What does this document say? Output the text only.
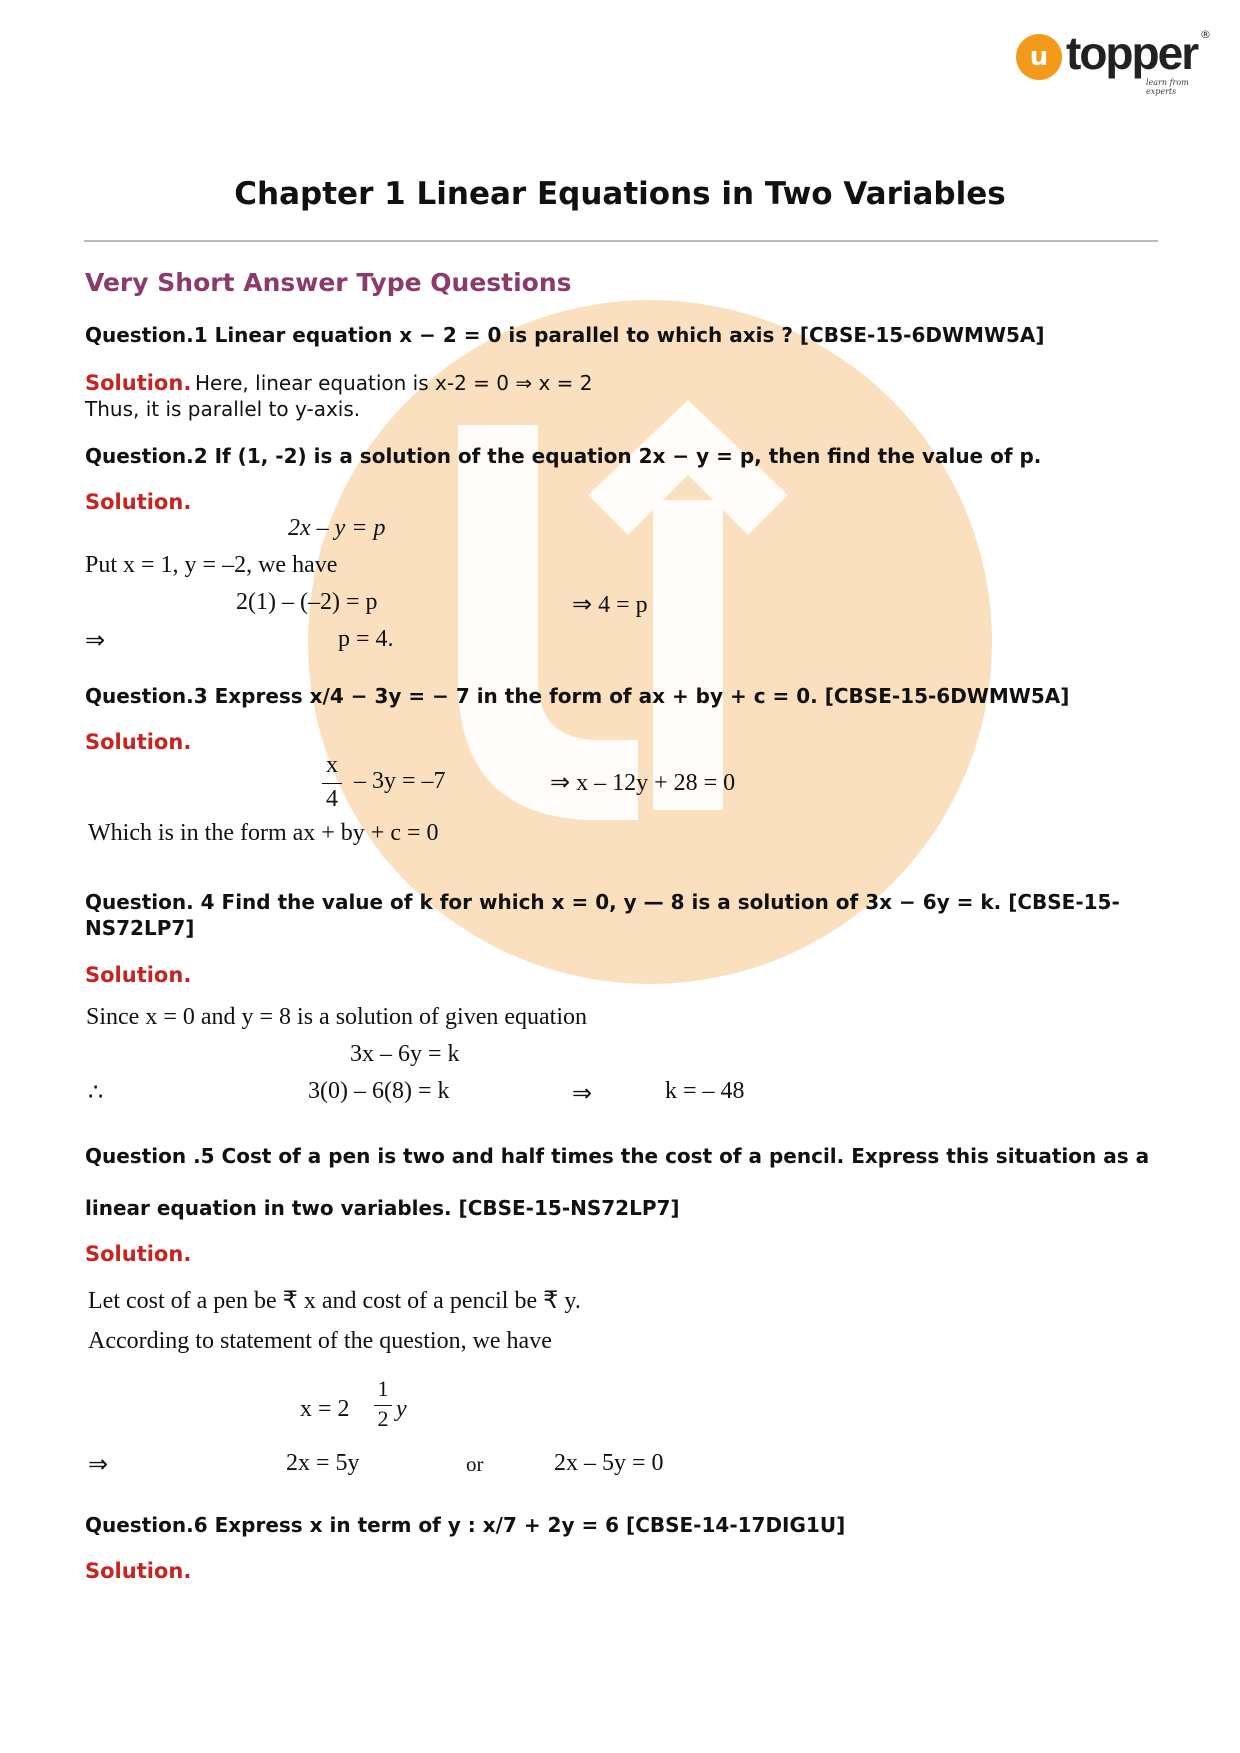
u topper ®
learn from experts
Chapter 1 Linear Equations in Two Variables
Very Short Answer Type Questions

Question.1 Linear equation x − 2 = 0 is parallel to which axis ? [CBSE-15-6DWMW5A]

Solution. Here, linear equation is x-2 = 0 ⇒ x = 2
Thus, it is parallel to y-axis.

Question.2 If (1, -2) is a solution of the equation 2x − y = p, then find the value of p.

Solution.
2x – y = p
Put x = 1, y = –2, we have
2(1) – (–2) = p	⇒ 4 = p
⇒	p = 4.

Question.3 Express x/4 − 3y = − 7 in the form of ax + by + c = 0. [CBSE-15-6DWMW5A]

Solution.
x
4
– 3y = –7	⇒ x – 12y + 28 = 0
Which is in the form ax + by + c = 0

Question. 4 Find the value of k for which x = 0, y — 8 is a solution of 3x − 6y = k. [CBSE-15-NS72LP7]

Solution.
Since x = 0 and y = 8 is a solution of given equation
3x – 6y = k
∴	3(0) – 6(8) = k	⇒	k = – 48

Question .5 Cost of a pen is two and half times the cost of a pencil. Express this situation as a

linear equation in two variables. [CBSE-15-NS72LP7]

Solution.
Let cost of a pen be ₹ x and cost of a pencil be ₹ y.
According to statement of the question, we have
x = 2
1
2 y
⇒	2x = 5y	or	2x – 5y = 0

Question.6 Express x in term of y : x/7 + 2y = 6 [CBSE-14-17DIG1U]

Solution.
